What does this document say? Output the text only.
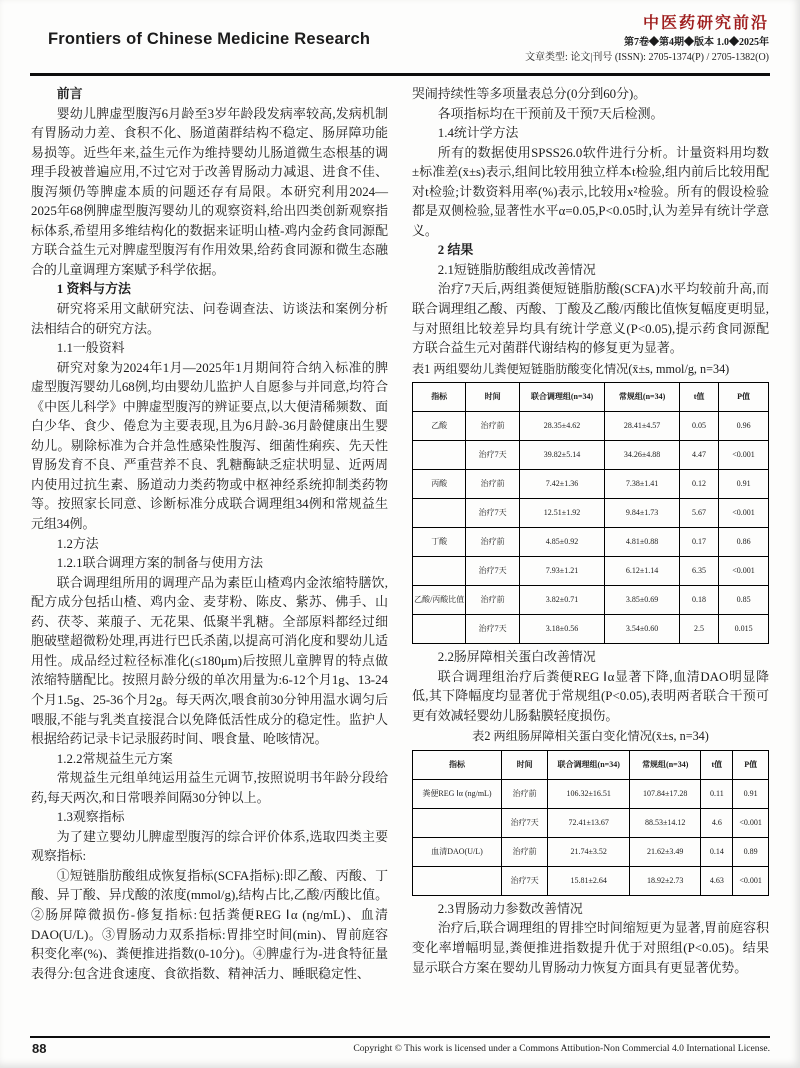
Frontiers of Chinese Medicine Research
中医药研究前沿
第7卷◆第4期◆版本 1.0◆2025年
文章类型: 论文|刊号 (ISSN): 2705-1374(P) / 2705-1382(O)

前言

婴幼儿脾虚型腹泻6月龄至3岁年龄段发病率较高,发病机制有胃肠动力差、食积不化、肠道菌群结构不稳定、肠屏障功能易损等。近些年来,益生元作为维持婴幼儿肠道微生态根基的调理手段被普遍应用,不过它对于改善胃肠动力减退、进食不佳、腹泻频仍等脾虚本质的问题还存有局限。本研究利用2024—2025年68例脾虚型腹泻婴幼儿的观察资料,给出四类创新观察指标体系,希望用多维结构化的数据来证明山楂-鸡内金药食同源配方联合益生元对脾虚型腹泻有作用效果,给药食同源和微生态融合的儿童调理方案赋予科学依据。

1 资料与方法

研究将采用文献研究法、问卷调查法、访谈法和案例分析法相结合的研究方法。

1.1一般资料

研究对象为2024年1月—2025年1月期间符合纳入标准的脾虚型腹泻婴幼儿68例,均由婴幼儿监护人自愿参与并同意,均符合《中医儿科学》中脾虚型腹泻的辨证要点,以大便清稀频数、面白少华、食少、倦怠为主要表现,且为6月龄-36月龄健康出生婴幼儿。剔除标准为合并急性感染性腹泻、细菌性痢疾、先天性胃肠发育不良、严重营养不良、乳糖酶缺乏症状明显、近两周内使用过抗生素、肠道动力类药物或中枢神经系统抑制类药物等。按照家长同意、诊断标准分成联合调理组34例和常规益生元组34例。

1.2方法

1.2.1联合调理方案的制备与使用方法

联合调理组所用的调理产品为素臣山楂鸡内金浓缩特膳饮,配方成分包括山楂、鸡内金、麦芽粉、陈皮、紫苏、佛手、山药、茯苓、莱菔子、无花果、低聚半乳糖。全部原料都经过细胞破壁超微粉处理,再进行巴氏杀菌,以提高可消化度和婴幼儿适用性。成品经过粒径标准化(≤180μm)后按照儿童脾胃的特点做浓缩特膳配比。按照月龄分级的单次用量为:6-12个月1g、13-24个月1.5g、25-36个月2g。每天两次,喂食前30分钟用温水调匀后喂服,不能与乳类直接混合以免降低活性成分的稳定性。监护人根据给药记录卡记录服药时间、喂食量、呛咳情况。

1.2.2常规益生元方案

常规益生元组单纯运用益生元调节,按照说明书年龄分段给药,每天两次,和日常喂养间隔30分钟以上。

1.3观察指标

为了建立婴幼儿脾虚型腹泻的综合评价体系,选取四类主要观察指标:

①短链脂肪酸组成恢复指标(SCFA指标):即乙酸、丙酸、丁酸、异丁酸、异戊酸的浓度(mmol/g),结构占比,乙酸/丙酸比值。②肠屏障微损伤-修复指标:包括粪便REG Ⅰα (ng/mL)、血清DAO(U/L)。③胃肠动力双系指标:胃排空时间(min)、胃前庭容积变化率(%)、粪便推进指数(0-10分)。④脾虚行为-进食特征量表得分:包含进食速度、食欲指数、精神活力、睡眠稳定性、

哭闹持续性等多项量表总分(0分到60分)。

各项指标均在干预前及干预7天后检测。

1.4统计学方法

所有的数据使用SPSS26.0软件进行分析。计量资料用均数±标准差(x̄±s)表示,组间比较用独立样本t检验,组内前后比较用配对t检验;计数资料用率(%)表示,比较用x²检验。所有的假设检验都是双侧检验,显著性水平α=0.05,P<0.05时,认为差异有统计学意义。

2 结果

2.1短链脂肪酸组成改善情况

治疗7天后,两组粪便短链脂肪酸(SCFA)水平均较前升高,而联合调理组乙酸、丙酸、丁酸及乙酸/丙酸比值恢复幅度更明显,与对照组比较差异均具有统计学意义(P<0.05),提示药食同源配方联合益生元对菌群代谢结构的修复更为显著。

表1 两组婴幼儿粪便短链脂肪酸变化情况(x̄±s, mmol/g, n=34)
指标	时间	联合调理组(n=34)	常规组(n=34)	t值	P值
乙酸	治疗前	28.35±4.62	28.41±4.57	0.05	0.96
	治疗7天	39.82±5.14	34.26±4.88	4.47	<0.001
丙酸	治疗前	7.42±1.36	7.38±1.41	0.12	0.91
	治疗7天	12.51±1.92	9.84±1.73	5.67	<0.001
丁酸	治疗前	4.85±0.92	4.81±0.88	0.17	0.86
	治疗7天	7.93±1.21	6.12±1.14	6.35	<0.001
乙酸/丙酸比值	治疗前	3.82±0.71	3.85±0.69	0.18	0.85
	治疗7天	3.18±0.56	3.54±0.60	2.5	0.015

2.2肠屏障相关蛋白改善情况

联合调理组治疗后粪便REG Ⅰα显著下降,血清DAO明显降低,其下降幅度均显著优于常规组(P<0.05),表明两者联合干预可更有效减轻婴幼儿肠黏膜轻度损伤。

表2 两组肠屏障相关蛋白变化情况(x̄±s, n=34)
指标	时间	联合调理组(n=34)	常规组(n=34)	t值	P值
粪便REG Ⅰα (ng/mL)	治疗前	106.32±16.51	107.84±17.28	0.11	0.91
	治疗7天	72.41±13.67	88.53±14.12	4.6	<0.001
血清DAO(U/L)	治疗前	21.74±3.52	21.62±3.49	0.14	0.89
	治疗7天	15.81±2.64	18.92±2.73	4.63	<0.001

2.3胃肠动力参数改善情况

治疗后,联合调理组的胃排空时间缩短更为显著,胃前庭容积变化率增幅明显,粪便推进指数提升优于对照组(P<0.05)。结果显示联合方案在婴幼儿胃肠动力恢复方面具有更显著优势。

88	Copyright © This work is licensed under a Commons Attibution-Non Commercial 4.0 International License.
